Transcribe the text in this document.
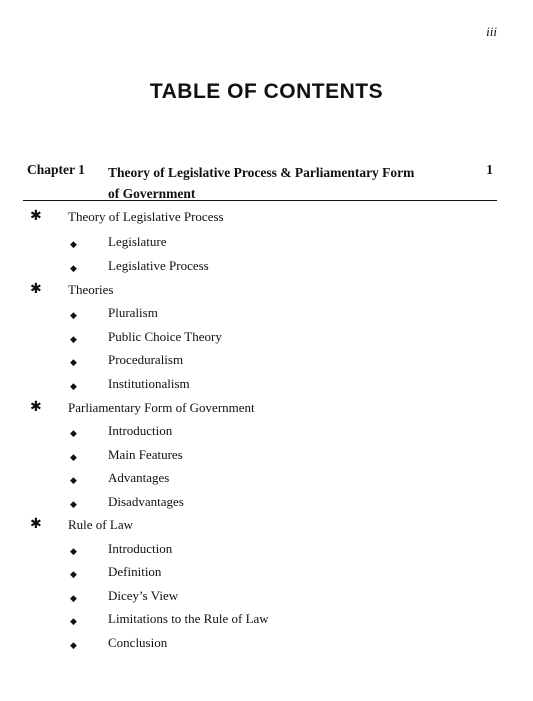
iii
TABLE OF CONTENTS
Chapter 1 Theory of Legislative Process & Parliamentary Form of Government
1
✱ Theory of Legislative Process
◆ Legislature
◆ Legislative Process
✱ Theories
◆ Pluralism
◆ Public Choice Theory
◆ Proceduralism
◆ Institutionalism
✱ Parliamentary Form of Government
◆ Introduction
◆ Main Features
◆ Advantages
◆ Disadvantages
✱ Rule of Law
◆ Introduction
◆ Definition
◆ Dicey’s View
◆ Limitations to the Rule of Law
◆ Conclusion
